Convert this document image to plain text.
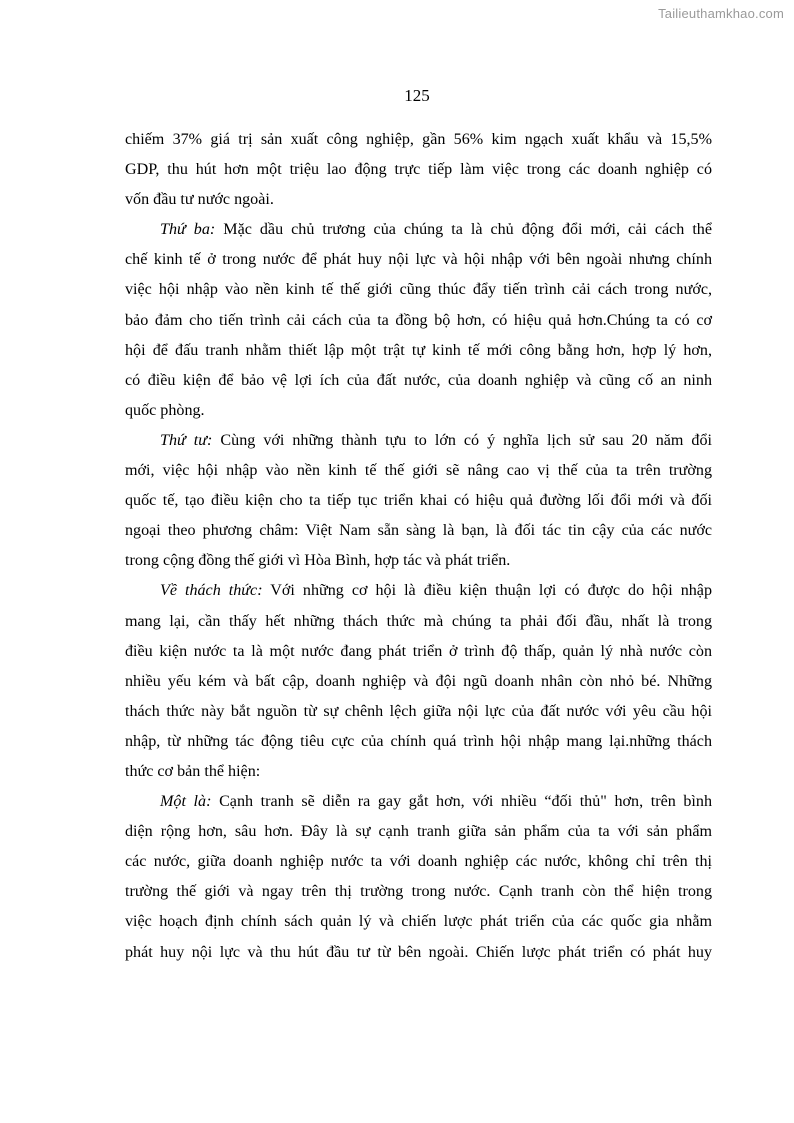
Tailieuthamkhao.com
125
chiếm 37% giá trị sản xuất công nghiệp, gần 56% kim ngạch xuất khẩu và 15,5%
GDP, thu hút hơn một triệu lao động trực tiếp làm việc trong các doanh nghiệp có
vốn đầu tư nước ngoài.
Thứ ba: Mặc dầu chủ trương của chúng ta là chủ động đổi mới, cải cách thể
chế kinh tế ở trong nước để phát huy nội lực và hội nhập với bên ngoài nhưng chính
việc hội nhập vào nền kinh tế thế giới cũng thúc đẩy tiến trình cải cách trong nước,
bảo đảm cho tiến trình cải cách của ta đồng bộ hơn, có hiệu quả hơn.Chúng ta có cơ
hội để đấu tranh nhằm thiết lập một trật tự kinh tế mới công bằng hơn, hợp lý hơn,
có điều kiện để bảo vệ lợi ích của đất nước, của doanh nghiệp và cũng cố an ninh
quốc phòng.
Thứ tư: Cùng với những thành tựu to lớn có ý nghĩa lịch sử sau 20 năm đổi
mới, việc hội nhập vào nền kinh tế thế giới sẽ nâng cao vị thế của ta trên trường
quốc tế, tạo điều kiện cho ta tiếp tục triển khai có hiệu quả đường lối đổi mới và đối
ngoại theo phương châm: Việt Nam sẵn sàng là bạn, là đối tác tin cậy của các nước
trong cộng đồng thế giới vì Hòa Bình, hợp tác và phát triển.
Về thách thức: Với những cơ hội là điều kiện thuận lợi có được do hội nhập
mang lại, cần thấy hết những thách thức mà chúng ta phải đối đầu, nhất là trong
điều kiện nước ta là một nước đang phát triển ở trình độ thấp, quản lý nhà nước còn
nhiều yếu kém và bất cập, doanh nghiệp và đội ngũ doanh nhân còn nhỏ bé. Những
thách thức này bắt nguồn từ sự chênh lệch giữa nội lực của đất nước với yêu cầu hội
nhập, từ những tác động tiêu cực của chính quá trình hội nhập mang lại.những thách
thức cơ bản thể hiện:
Một là: Cạnh tranh sẽ diễn ra gay gắt hơn, với nhiều “đối thủ" hơn, trên bình
diện rộng hơn, sâu hơn. Đây là sự cạnh tranh giữa sản phẩm của ta với sản phẩm
các nước, giữa doanh nghiệp nước ta với doanh nghiệp các nước, không chỉ trên thị
trường thế giới và ngay trên thị trường trong nước. Cạnh tranh còn thể hiện trong
việc hoạch định chính sách quản lý và chiến lược phát triển của các quốc gia nhằm
phát huy nội lực và thu hút đầu tư từ bên ngoài. Chiến lược phát triển có phát huy
